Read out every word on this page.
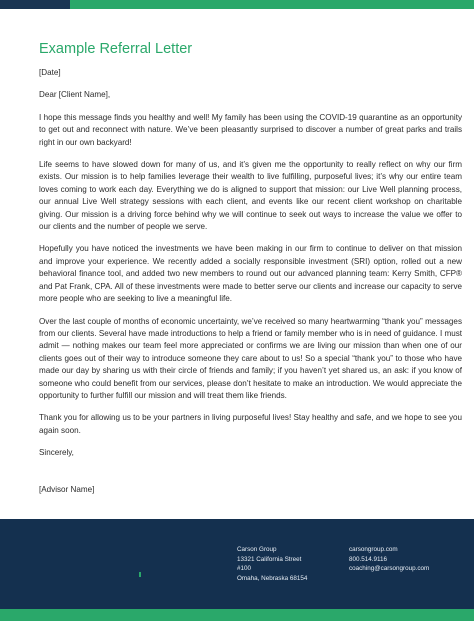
Example Referral Letter
[Date]
Dear [Client Name],

I hope this message finds you healthy and well! My family has been using the COVID-19 quarantine as an opportunity to get out and reconnect with nature. We’ve been pleasantly surprised to discover a number of great parks and trails right in our own backyard!

Life seems to have slowed down for many of us, and it’s given me the opportunity to really reflect on why our firm exists. Our mission is to help families leverage their wealth to live fulfilling, purposeful lives; it’s why our entire team loves coming to work each day. Everything we do is aligned to support that mission: our Live Well planning process, our annual Live Well strategy sessions with each client, and events like our recent client workshop on charitable giving. Our mission is a driving force behind why we will continue to seek out ways to increase the value we offer to our clients and the number of people we serve.

Hopefully you have noticed the investments we have been making in our firm to continue to deliver on that mission and improve your experience. We recently added a socially responsible investment (SRI) option, rolled out a new behavioral finance tool, and added two new members to round out our advanced planning team: Kerry Smith, CFP® and Pat Frank, CPA. All of these investments were made to better serve our clients and increase our capacity to serve more people who are seeking to live a meaningful life.

Over the last couple of months of economic uncertainty, we’ve received so many heartwarming “thank you” messages from our clients. Several have made introductions to help a friend or family member who is in need of guidance. I must admit — nothing makes our team feel more appreciated or confirms we are living our mission than when one of our clients goes out of their way to introduce someone they care about to us! So a special “thank you” to those who have made our day by sharing us with their circle of friends and family; if you haven’t yet shared us, an ask: if you know of someone who could benefit from our services, please don’t hesitate to make an introduction. We would appreciate the opportunity to further fulfill our mission and will treat them like friends.

Thank you for allowing us to be your partners in living purposeful lives! Stay healthy and safe, and we hope to see you again soon.

Sincerely,
[Advisor Name]
Carson Group
13321 California Street
#100
Omaha, Nebraska 68154
carsongroup.com
800.514.9116
coaching@carsongroup.com
